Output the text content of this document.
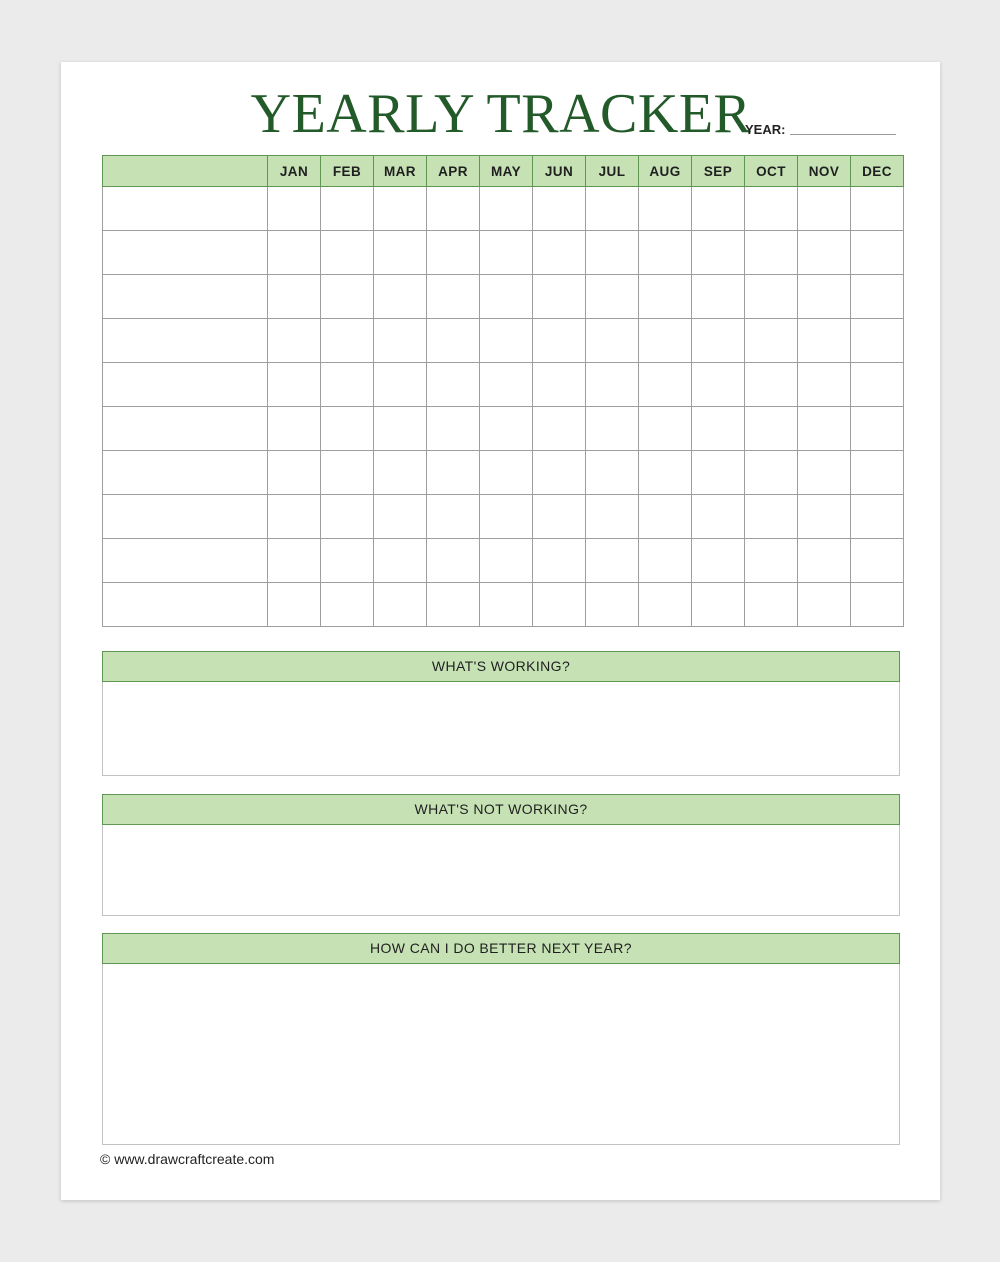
YEARLY TRACKER
YEAR:
	JAN	FEB	MAR	APR	MAY	JUN	JUL	AUG	SEP	OCT	NOV	DEC

WHAT'S WORKING?
WHAT'S NOT WORKING?
HOW CAN I DO BETTER NEXT YEAR?
© www.drawcraftcreate.com
